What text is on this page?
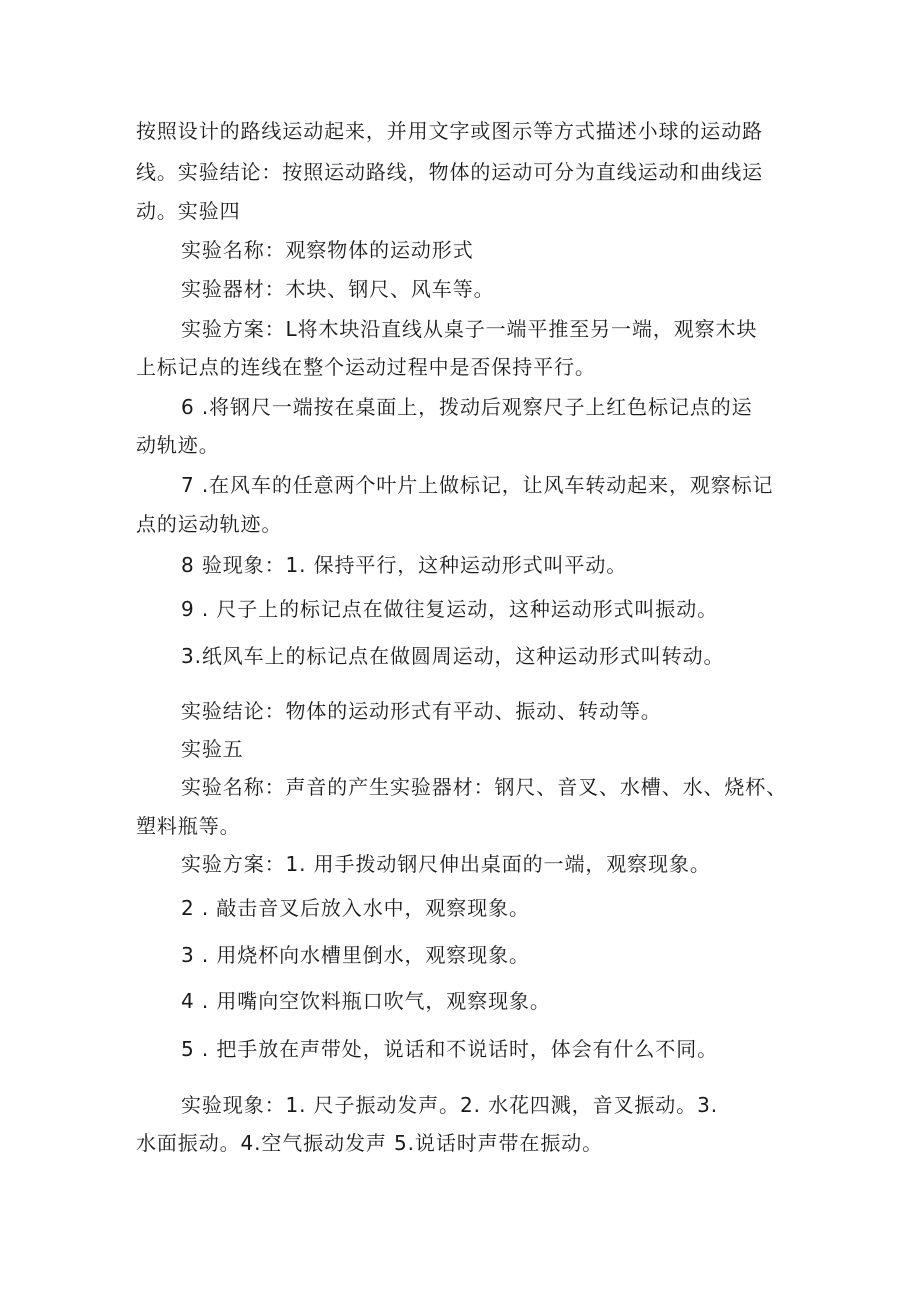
按照设计的路线运动起来，并用文字或图示等方式描述小球的运动路
线。实验结论：按照运动路线，物体的运动可分为直线运动和曲线运
动。实验四
实验名称：观察物体的运动形式
实验器材：木块、钢尺、风车等。
实验方案：L将木块沿直线从桌子一端平推至另一端，观察木块
上标记点的连线在整个运动过程中是否保持平行。
6 .将钢尺一端按在桌面上，拨动后观察尺子上红色标记点的运
动轨迹。
7 .在风车的任意两个叶片上做标记，让风车转动起来，观察标记
点的运动轨迹。
8 验现象：1. 保持平行，这种运动形式叫平动。
9 . 尺子上的标记点在做往复运动，这种运动形式叫振动。
3.纸风车上的标记点在做圆周运动，这种运动形式叫转动。
实验结论：物体的运动形式有平动、振动、转动等。
实验五
实验名称：声音的产生实验器材：钢尺、音叉、水槽、水、烧杯、
塑料瓶等。
实验方案：1. 用手拨动钢尺伸出桌面的一端，观察现象。
2 . 敲击音叉后放入水中，观察现象。
3 . 用烧杯向水槽里倒水，观察现象。
4 . 用嘴向空饮料瓶口吹气，观察现象。
5 . 把手放在声带处，说话和不说话时，体会有什么不同。
实验现象：1. 尺子振动发声。2. 水花四溅，音叉振动。3.
水面振动。4.空气振动发声 5.说话时声带在振动。
